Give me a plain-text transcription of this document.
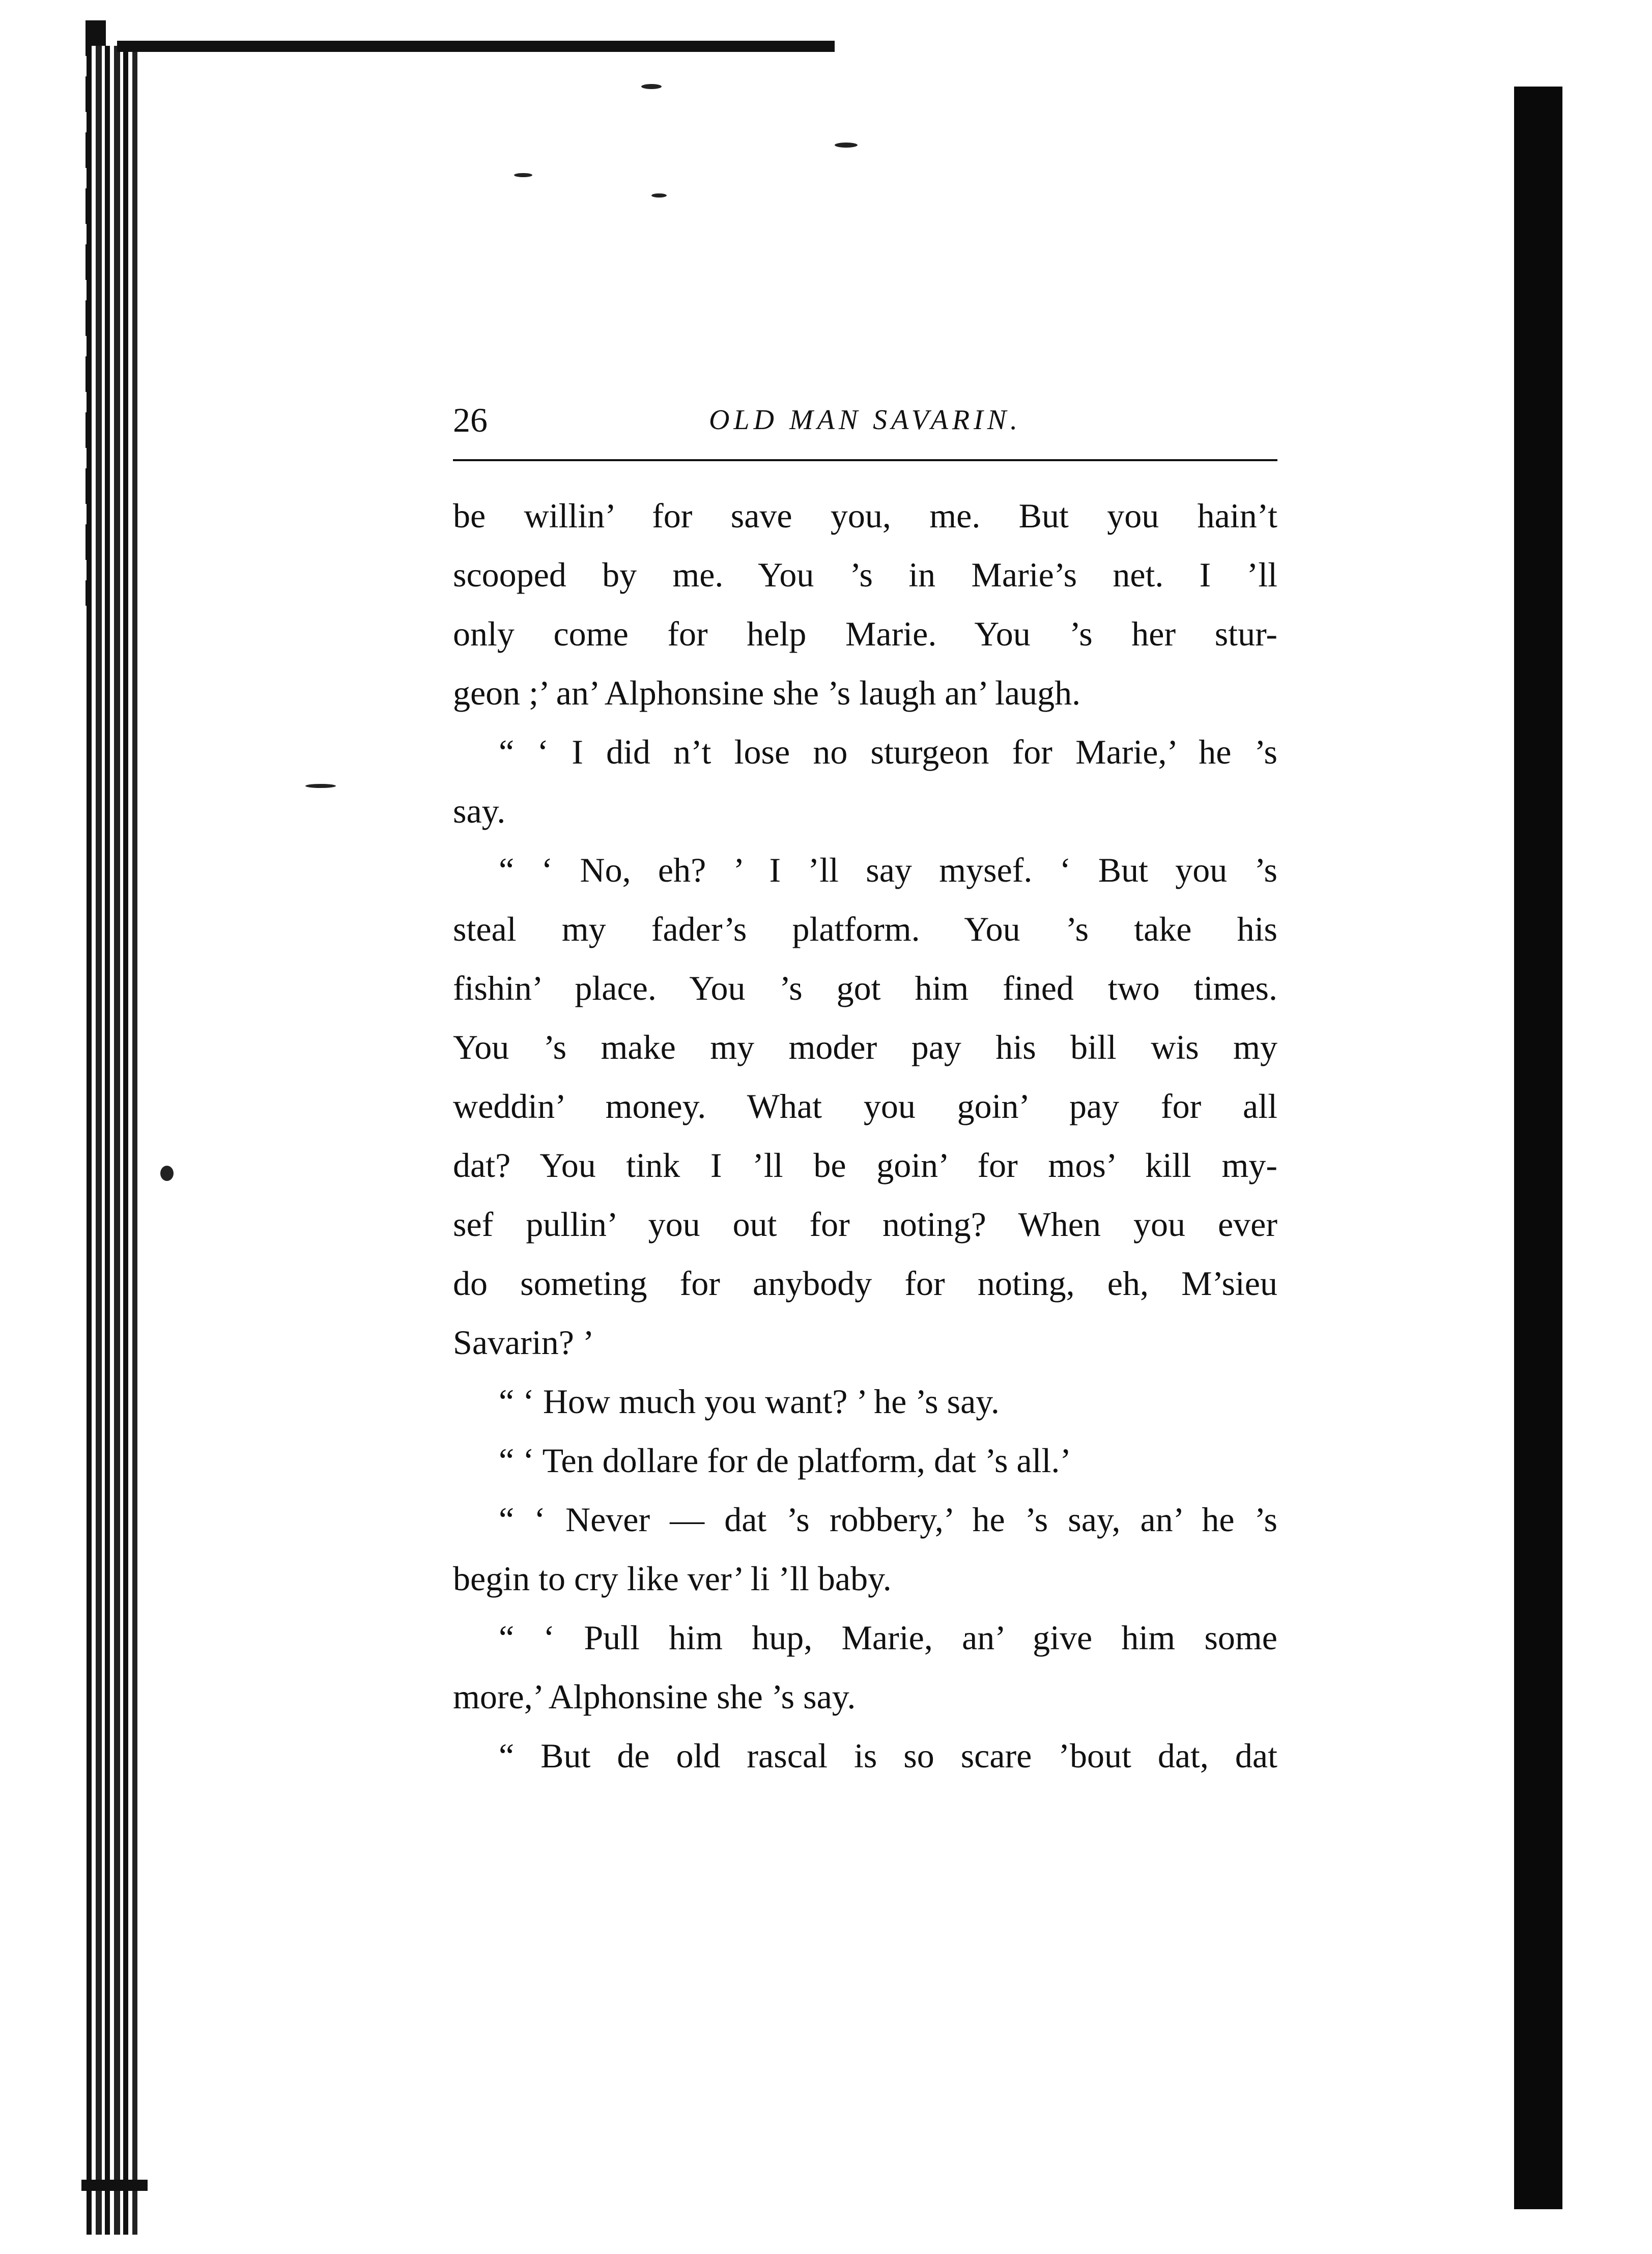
26	OLD MAN SAVARIN.
be willin’ for save you, me. But you hain’t
scooped by me. You ’s in Marie’s net. I ’ll
only come for help Marie. You ’s her stur-
geon ;’ an’ Alphonsine she ’s laugh an’ laugh.
“ ‘ I did n’t lose no sturgeon for Marie,’ he ’s
say.
“ ‘ No, eh? ’ I ’ll say mysef. ‘ But you ’s
steal my fader’s platform. You ’s take his
fishin’ place. You ’s got him fined two times.
You ’s make my moder pay his bill wis my
weddin’ money. What you goin’ pay for all
dat? You tink I ’ll be goin’ for mos’ kill my-
sef pullin’ you out for noting? When you ever
do someting for anybody for noting, eh, M’sieu
Savarin? ’
“ ‘ How much you want? ’ he ’s say.
“ ‘ Ten dollare for de platform, dat ’s all.’
“ ‘ Never — dat ’s robbery,’ he ’s say, an’ he ’s
begin to cry like ver’ li ’ll baby.
“ ‘ Pull him hup, Marie, an’ give him some
more,’ Alphonsine she ’s say.
“ But de old rascal is so scare ’bout dat, dat
